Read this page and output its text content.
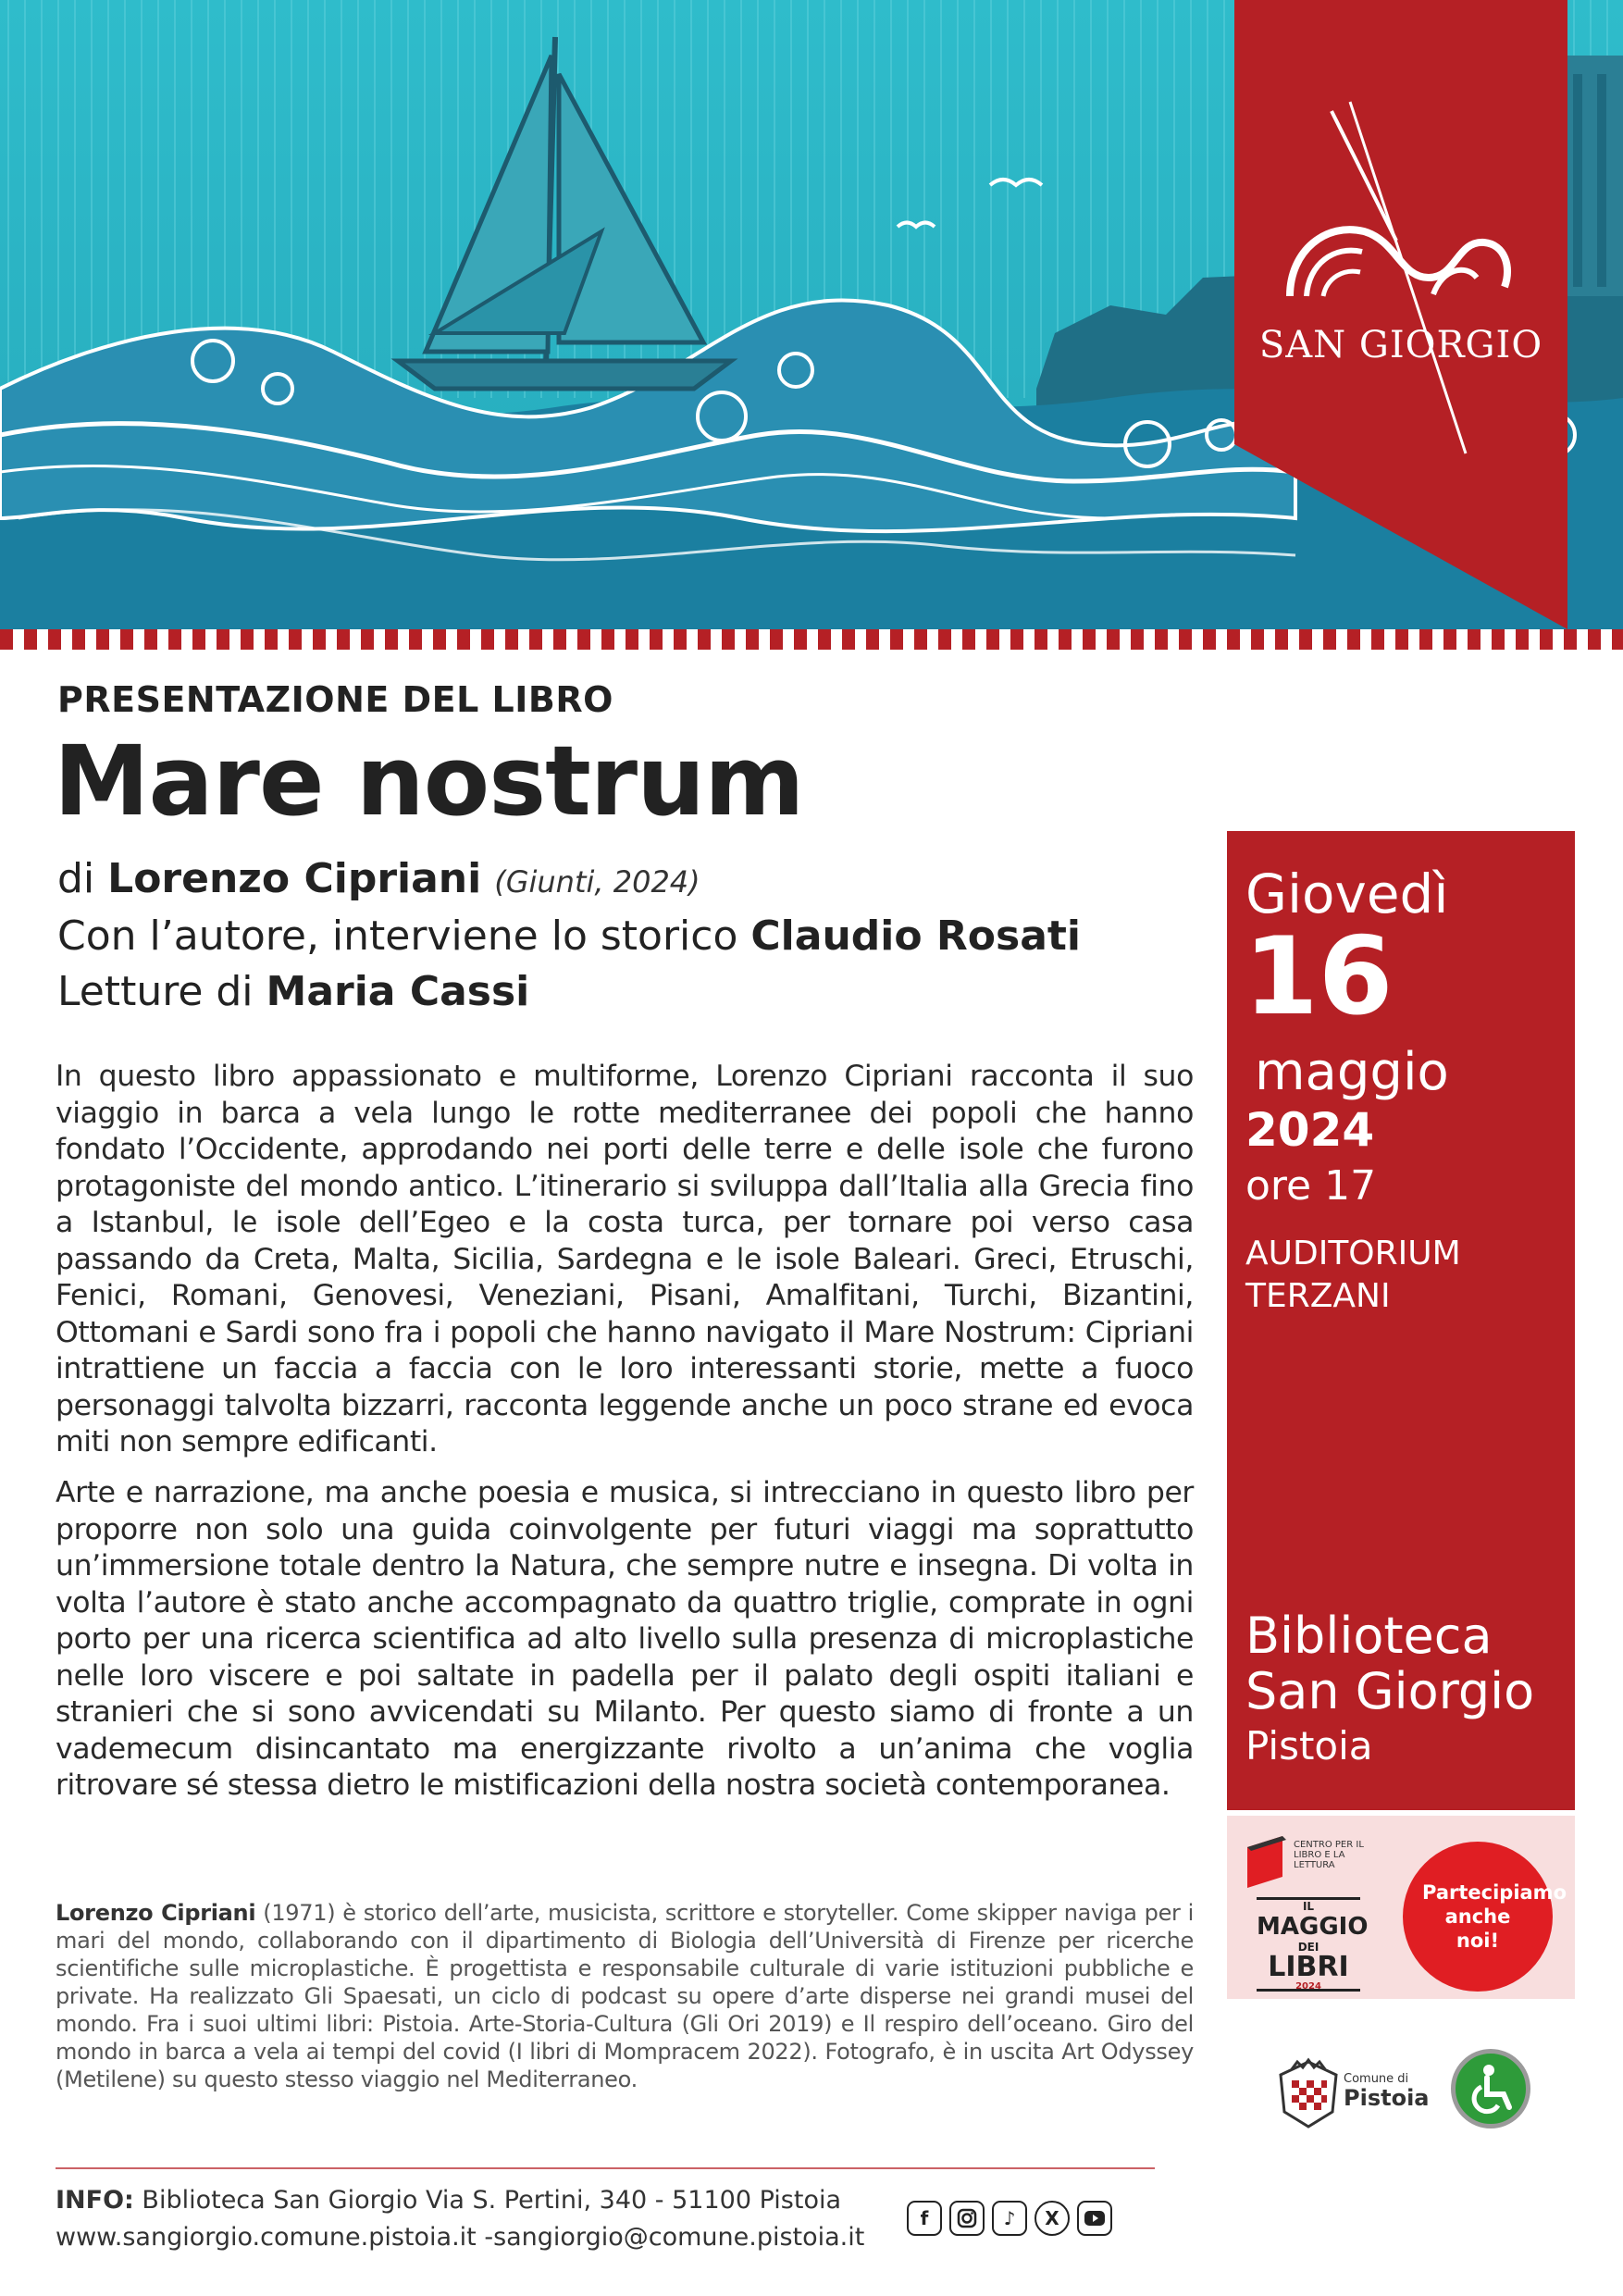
SAN GIORGIO
PRESENTAZIONE DEL LIBRO
Mare nostrum
di Lorenzo Cipriani (Giunti, 2024)
Con l’autore, interviene lo storico Claudio Rosati
Letture di Maria Cassi
In questo libro appassionato e multiforme, Lorenzo Cipriani racconta il suo viaggio in barca a vela lungo le rotte mediterranee dei popoli che hanno fondato l’Occidente, approdando nei porti delle terre e delle isole che furono protagoniste del mondo antico. L’itinerario si sviluppa dall’Italia alla Grecia fino a Istanbul, le isole dell’Egeo e la costa turca, per tornare poi verso casa passando da Creta, Malta, Sicilia, Sardegna e le isole Baleari. Greci, Etruschi, Fenici, Romani, Genovesi, Veneziani, Pisani, Amalfitani, Turchi, Bizantini, Ottomani e Sardi sono fra i popoli che hanno navigato il Mare Nostrum: Cipriani intrattiene un faccia a faccia con le loro interessanti storie, mette a fuoco personaggi talvolta bizzarri, racconta leggende anche un poco strane ed evoca miti non sempre edificanti.
Arte e narrazione, ma anche poesia e musica, si intrecciano in questo libro per proporre non solo una guida coinvolgente per futuri viaggi ma soprattutto un’immersione totale dentro la Natura, che sempre nutre e insegna. Di volta in volta l’autore è stato anche accompagnato da quattro triglie, comprate in ogni porto per una ricerca scientifica ad alto livello sulla presenza di microplastiche nelle loro viscere e poi saltate in padella per il palato degli ospiti italiani e stranieri che si sono avvicendati su Milanto. Per questo siamo di fronte a un vademecum disincantato ma energizzante rivolto a un’anima che voglia ritrovare sé stessa dietro le mistificazioni della nostra società contemporanea.
Lorenzo Cipriani (1971) è storico dell’arte, musicista, scrittore e storyteller. Come skipper naviga per i mari del mondo, collaborando con il dipartimento di Biologia dell’Università di Firenze per ricerche scientifiche sulle microplastiche. È progettista e responsabile culturale di varie istituzioni pubbliche e private. Ha realizzato Gli Spaesati, un ciclo di podcast su opere d’arte disperse nei grandi musei del mondo. Fra i suoi ultimi libri: Pistoia. Arte-Storia-Cultura (Gli Ori 2019) e Il respiro dell’oceano. Giro del mondo in barca a vela ai tempi del covid (I libri di Mompracem 2022). Fotografo, è in uscita Art Odyssey (Metilene) su questo stesso viaggio nel Mediterraneo.
INFO: Biblioteca San Giorgio Via S. Pertini, 340 - 51100 Pistoia
www.sangiorgio.comune.pistoia.it -sangiorgio@comune.pistoia.it
f	♪	X
Giovedì
16
maggio
2024
ore 17
AUDITORIUM
TERZANI
Biblioteca
San Giorgio
Pistoia
CENTRO PER IL LIBRO E LA LETTURA
IL
MAGGIO
DEI
LIBRI
2024
Partecipiamo anche noi!
Comune di
Pistoia
